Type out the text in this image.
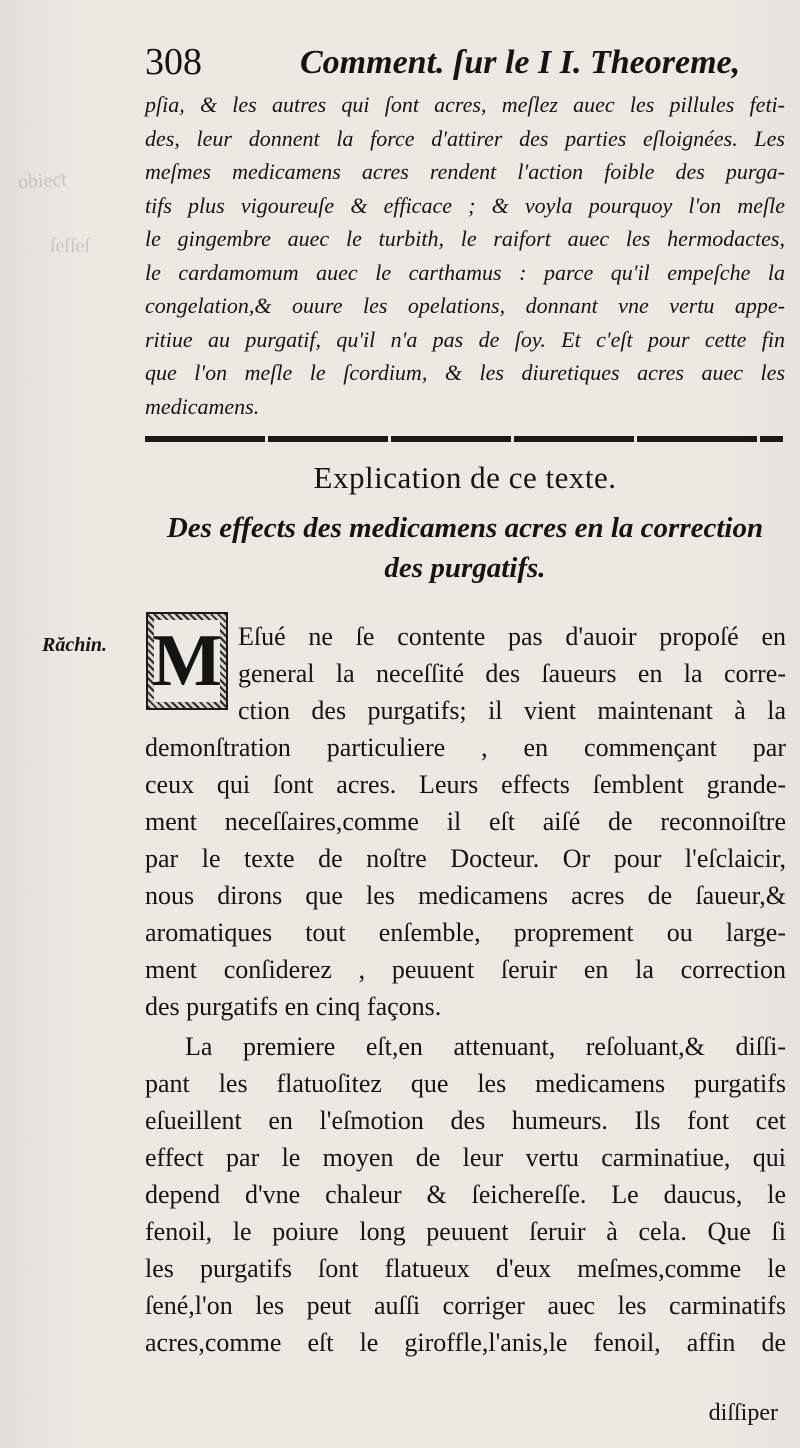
obieƈt
ſeſſeſ
308	Comment. ſur le I I. Theoreme,
pſia, & les autres qui ſont acres, meſlez auec les pillules feti-
des, leur donnent la force d'attirer des parties eſloignées. Les
meſmes medicamens acres rendent l'action foible des purga-
tifs plus vigoureuſe & efficace ; & voyla pourquoy l'on meſle
le gingembre auec le turbith, le raifort auec les hermodactes,
le cardamomum auec le carthamus : parce qu'il empeſche la
congelation,& ouure les opelations, donnant vne vertu appe-
ritiue au purgatif, qu'il n'a pas de ſoy. Et c'eſt pour cette fin
que l'on meſle le ſcordium, & les diuretiques acres auec les
medicamens.
Explication de ce texte.
Des effects des medicamens acres en la correction
des purgatifs.
Răchin. M Eſué ne ſe contente pas d'auoir propoſé en
general la neceſſité des ſaueurs en la corre-
ction des purgatifs; il vient maintenant à la
demonſtration particuliere , en commençant par
ceux qui ſont acres. Leurs effects ſemblent grande-
ment neceſſaires,comme il eſt aiſé de reconnoiſtre
par le texte de noſtre Docteur. Or pour l'eſclaicir,
nous dirons que les medicamens acres de ſaueur,&
aromatiques tout enſemble, proprement ou large-
ment conſiderez , peuuent ſeruir en la correction
des purgatifs en cinq façons.
La premiere eſt,en attenuant, reſoluant,& diſſi-
pant les flatuoſitez que les medicamens purgatifs
eſueillent en l'eſmotion des humeurs. Ils font cet
effect par le moyen de leur vertu carminatiue, qui
depend d'vne chaleur & ſeichereſſe. Le daucus, le
fenoil, le poiure long peuuent ſeruir à cela. Que ſi
les purgatifs ſont flatueux d'eux meſmes,comme le
ſené,l'on les peut auſſi corriger auec les carminatifs
acres,comme eſt le giroffle,l'anis,le fenoil, affin de
diſſiper
